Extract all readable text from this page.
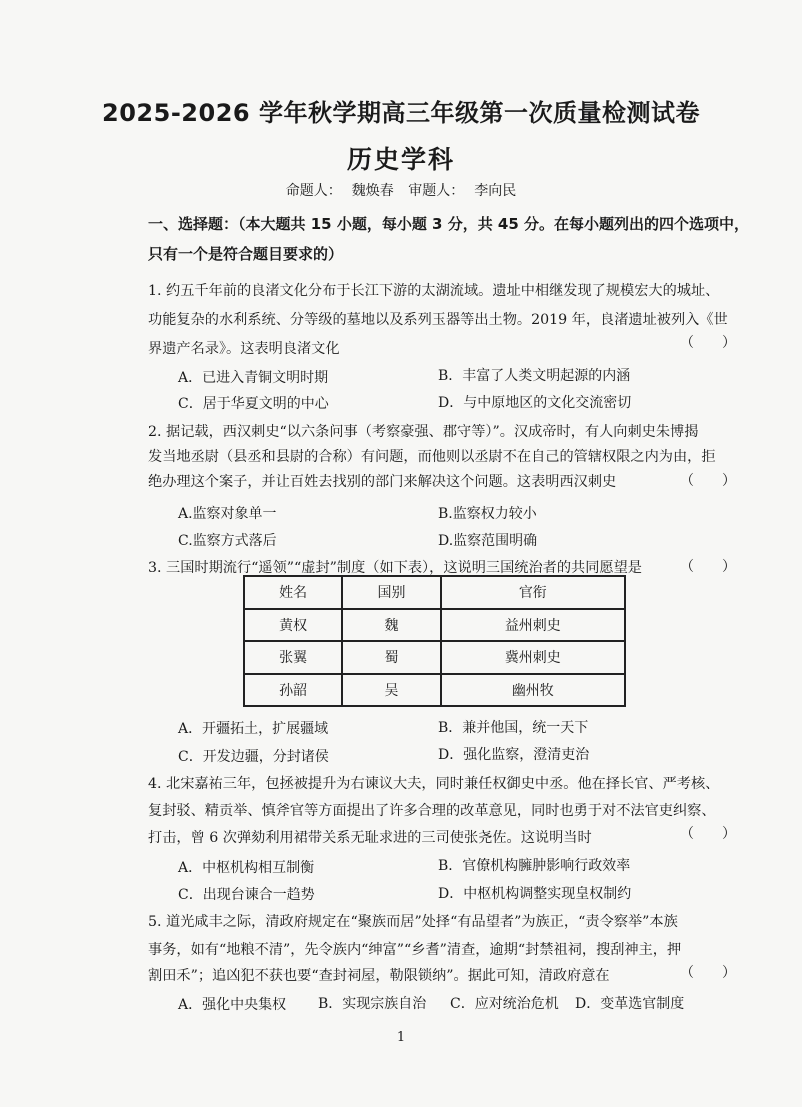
2025-2026 学年秋学期高三年级第一次质量检测试卷
历史学科
命题人： 魏焕春 审题人： 李向民
一、选择题：（本大题共 15 小题，每小题 3 分，共 45 分。在每小题列出的四个选项中，
只有一个是符合题目要求的）
1. 约五千年前的良渚文化分布于长江下游的太湖流域。遗址中相继发现了规模宏大的城址、
功能复杂的水利系统、分等级的墓地以及系列玉器等出土物。2019 年，良渚遗址被列入《世
界遗产名录》。这表明良渚文化	（　　）
A．已进入青铜文明时期	B．丰富了人类文明起源的内涵
C．居于华夏文明的中心	D．与中原地区的文化交流密切
2. 据记载，西汉刺史“以六条问事（考察豪强、郡守等）”。汉成帝时，有人向刺史朱博揭
发当地丞尉（县丞和县尉的合称）有问题，而他则以丞尉不在自己的管辖权限之内为由，拒
绝办理这个案子，并让百姓去找别的部门来解决这个问题。这表明西汉刺史	（　　）
A.监察对象单一	B.监察权力较小
C.监察方式落后	D.监察范围明确
3. 三国时期流行“遥领”“虚封”制度（如下表），这说明三国统治者的共同愿望是	（　　）
姓名	国别	官衔
黄权	魏	益州刺史
张翼	蜀	冀州刺史
孙韶	吴	幽州牧
A．开疆拓土，扩展疆域	B．兼并他国，统一天下
C．开发边疆，分封诸侯	D．强化监察，澄清吏治
4. 北宋嘉祐三年，包拯被提升为右谏议大夫，同时兼任权御史中丞。他在择长官、严考核、
复封驳、精贡举、慎斧官等方面提出了许多合理的改革意见，同时也勇于对不法官吏纠察、
打击，曾 6 次弹劾利用裙带关系无耻求进的三司使张尧佐。这说明当时	（　　）
A．中枢机构相互制衡	B．官僚机构臃肿影响行政效率
C．出现台谏合一趋势	D．中枢机构调整实现皇权制约
5. 道光咸丰之际，清政府规定在“聚族而居”处择“有品望者”为族正，“责令察举”本族
事务，如有“地粮不清”，先令族内“绅富”“乡耆”清查，逾期“封禁祖祠，搜刮神主，押
割田禾”；追凶犯不获也要“查封祠屋，勒限锁纳”。据此可知，清政府意在	（　　）
A．强化中央集权 B．实现宗族自治 C．应对统治危机 D．变革选官制度
1
